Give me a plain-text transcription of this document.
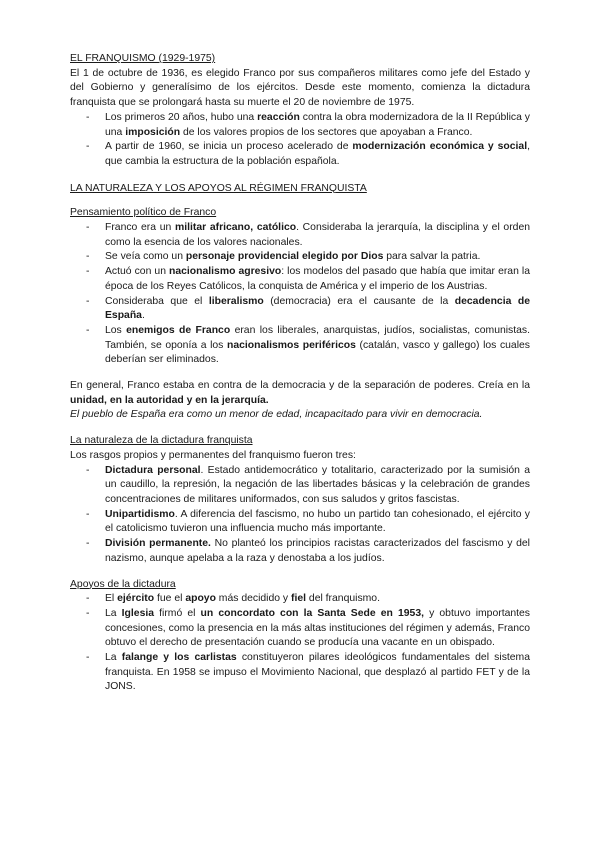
EL FRANQUISMO (1929-1975)

El 1 de octubre de 1936, es elegido Franco por sus compañeros militares como jefe del Estado y del Gobierno y generalísimo de los ejércitos. Desde este momento, comienza la dictadura franquista que se prolongará hasta su muerte el 20 de noviembre de 1975.

- Los primeros 20 años, hubo una reacción contra la obra modernizadora de la II República y una imposición de los valores propios de los sectores que apoyaban a Franco.
- A partir de 1960, se inicia un proceso acelerado de modernización económica y social, que cambia la estructura de la población española.
LA NATURALEZA Y LOS APOYOS AL RÉGIMEN FRANQUISTA
Pensamiento político de Franco
- Franco era un militar africano, católico. Consideraba la jerarquía, la disciplina y el orden como la esencia de los valores nacionales.
- Se veía como un personaje providencial elegido por Dios para salvar la patria.
- Actuó con un nacionalismo agresivo: los modelos del pasado que había que imitar eran la época de los Reyes Católicos, la conquista de América y el imperio de los Austrias.
- Consideraba que el liberalismo (democracia) era el causante de la decadencia de España.
- Los enemigos de Franco eran los liberales, anarquistas, judíos, socialistas, comunistas. También, se oponía a los nacionalismos periféricos (catalán, vasco y gallego) los cuales deberían ser eliminados.

En general, Franco estaba en contra de la democracia y de la separación de poderes. Creía en la unidad, en la autoridad y en la jerarquía.

El pueblo de España era como un menor de edad, incapacitado para vivir en democracia.

La naturaleza de la dictadura franquista

Los rasgos propios y permanentes del franquismo fueron tres:

- Dictadura personal. Estado antidemocrático y totalitario, caracterizado por la sumisión a un caudillo, la represión, la negación de las libertades básicas y la celebración de grandes concentraciones de militares uniformados, con sus saludos y gritos fascistas.
- Unipartidismo. A diferencia del fascismo, no hubo un partido tan cohesionado, el ejército y el catolicismo tuvieron una influencia mucho más importante.
- División permanente. No planteó los principios racistas caracterizados del fascismo y del nazismo, aunque apelaba a la raza y denostaba a los judíos.
Apoyos de la dictadura
- El ejército fue el apoyo más decidido y fiel del franquismo.
- La Iglesia firmó el un concordato con la Santa Sede en 1953, y obtuvo importantes concesiones, como la presencia en la más altas instituciones del régimen y además, Franco obtuvo el derecho de presentación cuando se producía una vacante en un obispado.
- La falange y los carlistas constituyeron pilares ideológicos fundamentales del sistema franquista. En 1958 se impuso el Movimiento Nacional, que desplazó al partido FET y de la JONS.
